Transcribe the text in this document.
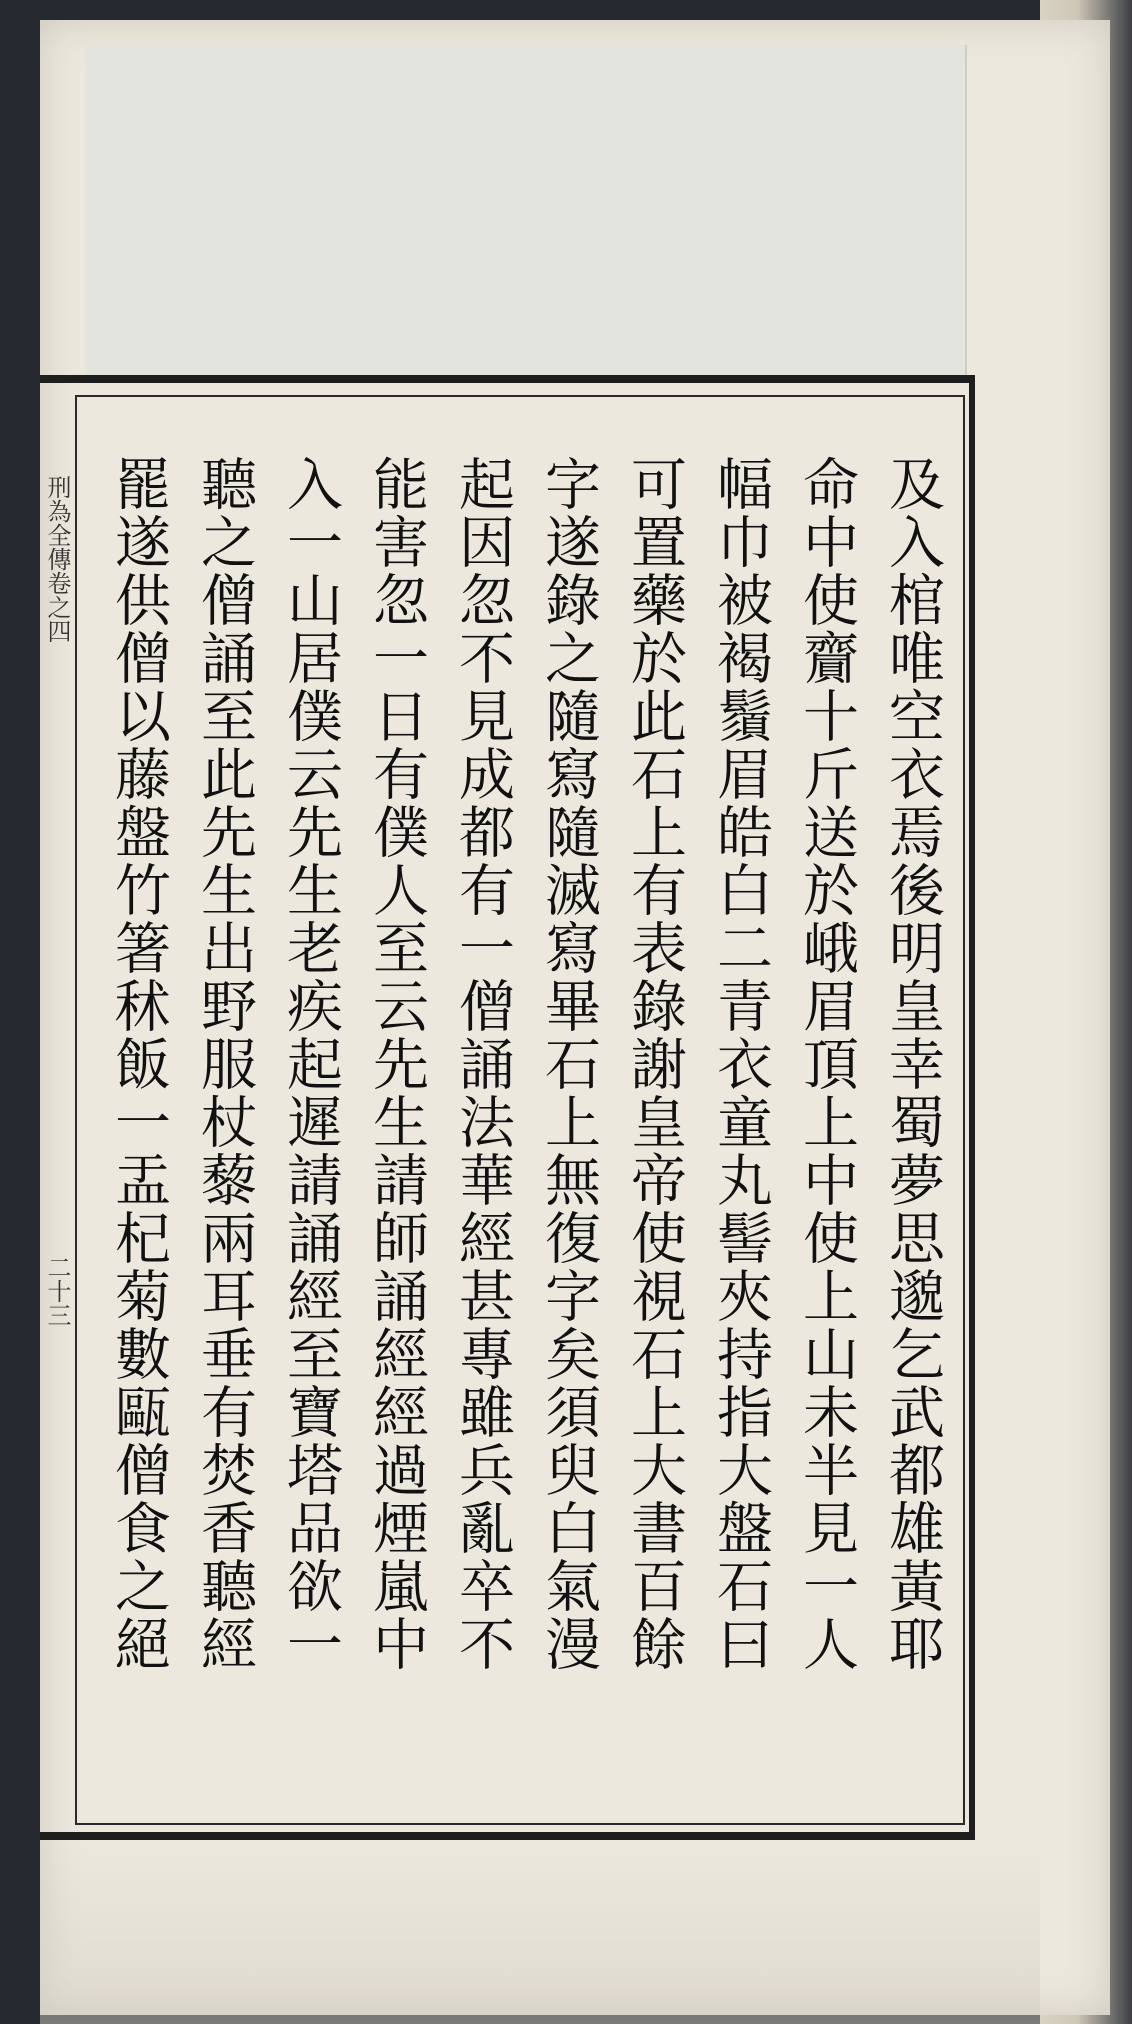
刑為全傳卷之四
二十三	及入棺唯空衣焉後明皇幸蜀夢思邈乞武都雄黃耶
命中使齎十斤送於峨眉頂上中使上山未半見一人
幅巾被褐鬚眉皓白二青衣童丸髻夾持指大盤石曰
可置藥於此石上有表錄謝皇帝使視石上大書百餘
字遂錄之隨寫隨滅寫畢石上無復字矣須臾白氣漫
起因忽不見成都有一僧誦法華經甚專雖兵亂卒不
能害忽一日有僕人至云先生請師誦經經過煙嵐中
入一山居僕云先生老疾起遲請誦經至寶塔品欲一
聽之僧誦至此先生出野服杖藜兩耳垂有焚香聽經
罷遂供僧以藤盤竹箸秫飯一盂杞菊數甌僧食之絕
